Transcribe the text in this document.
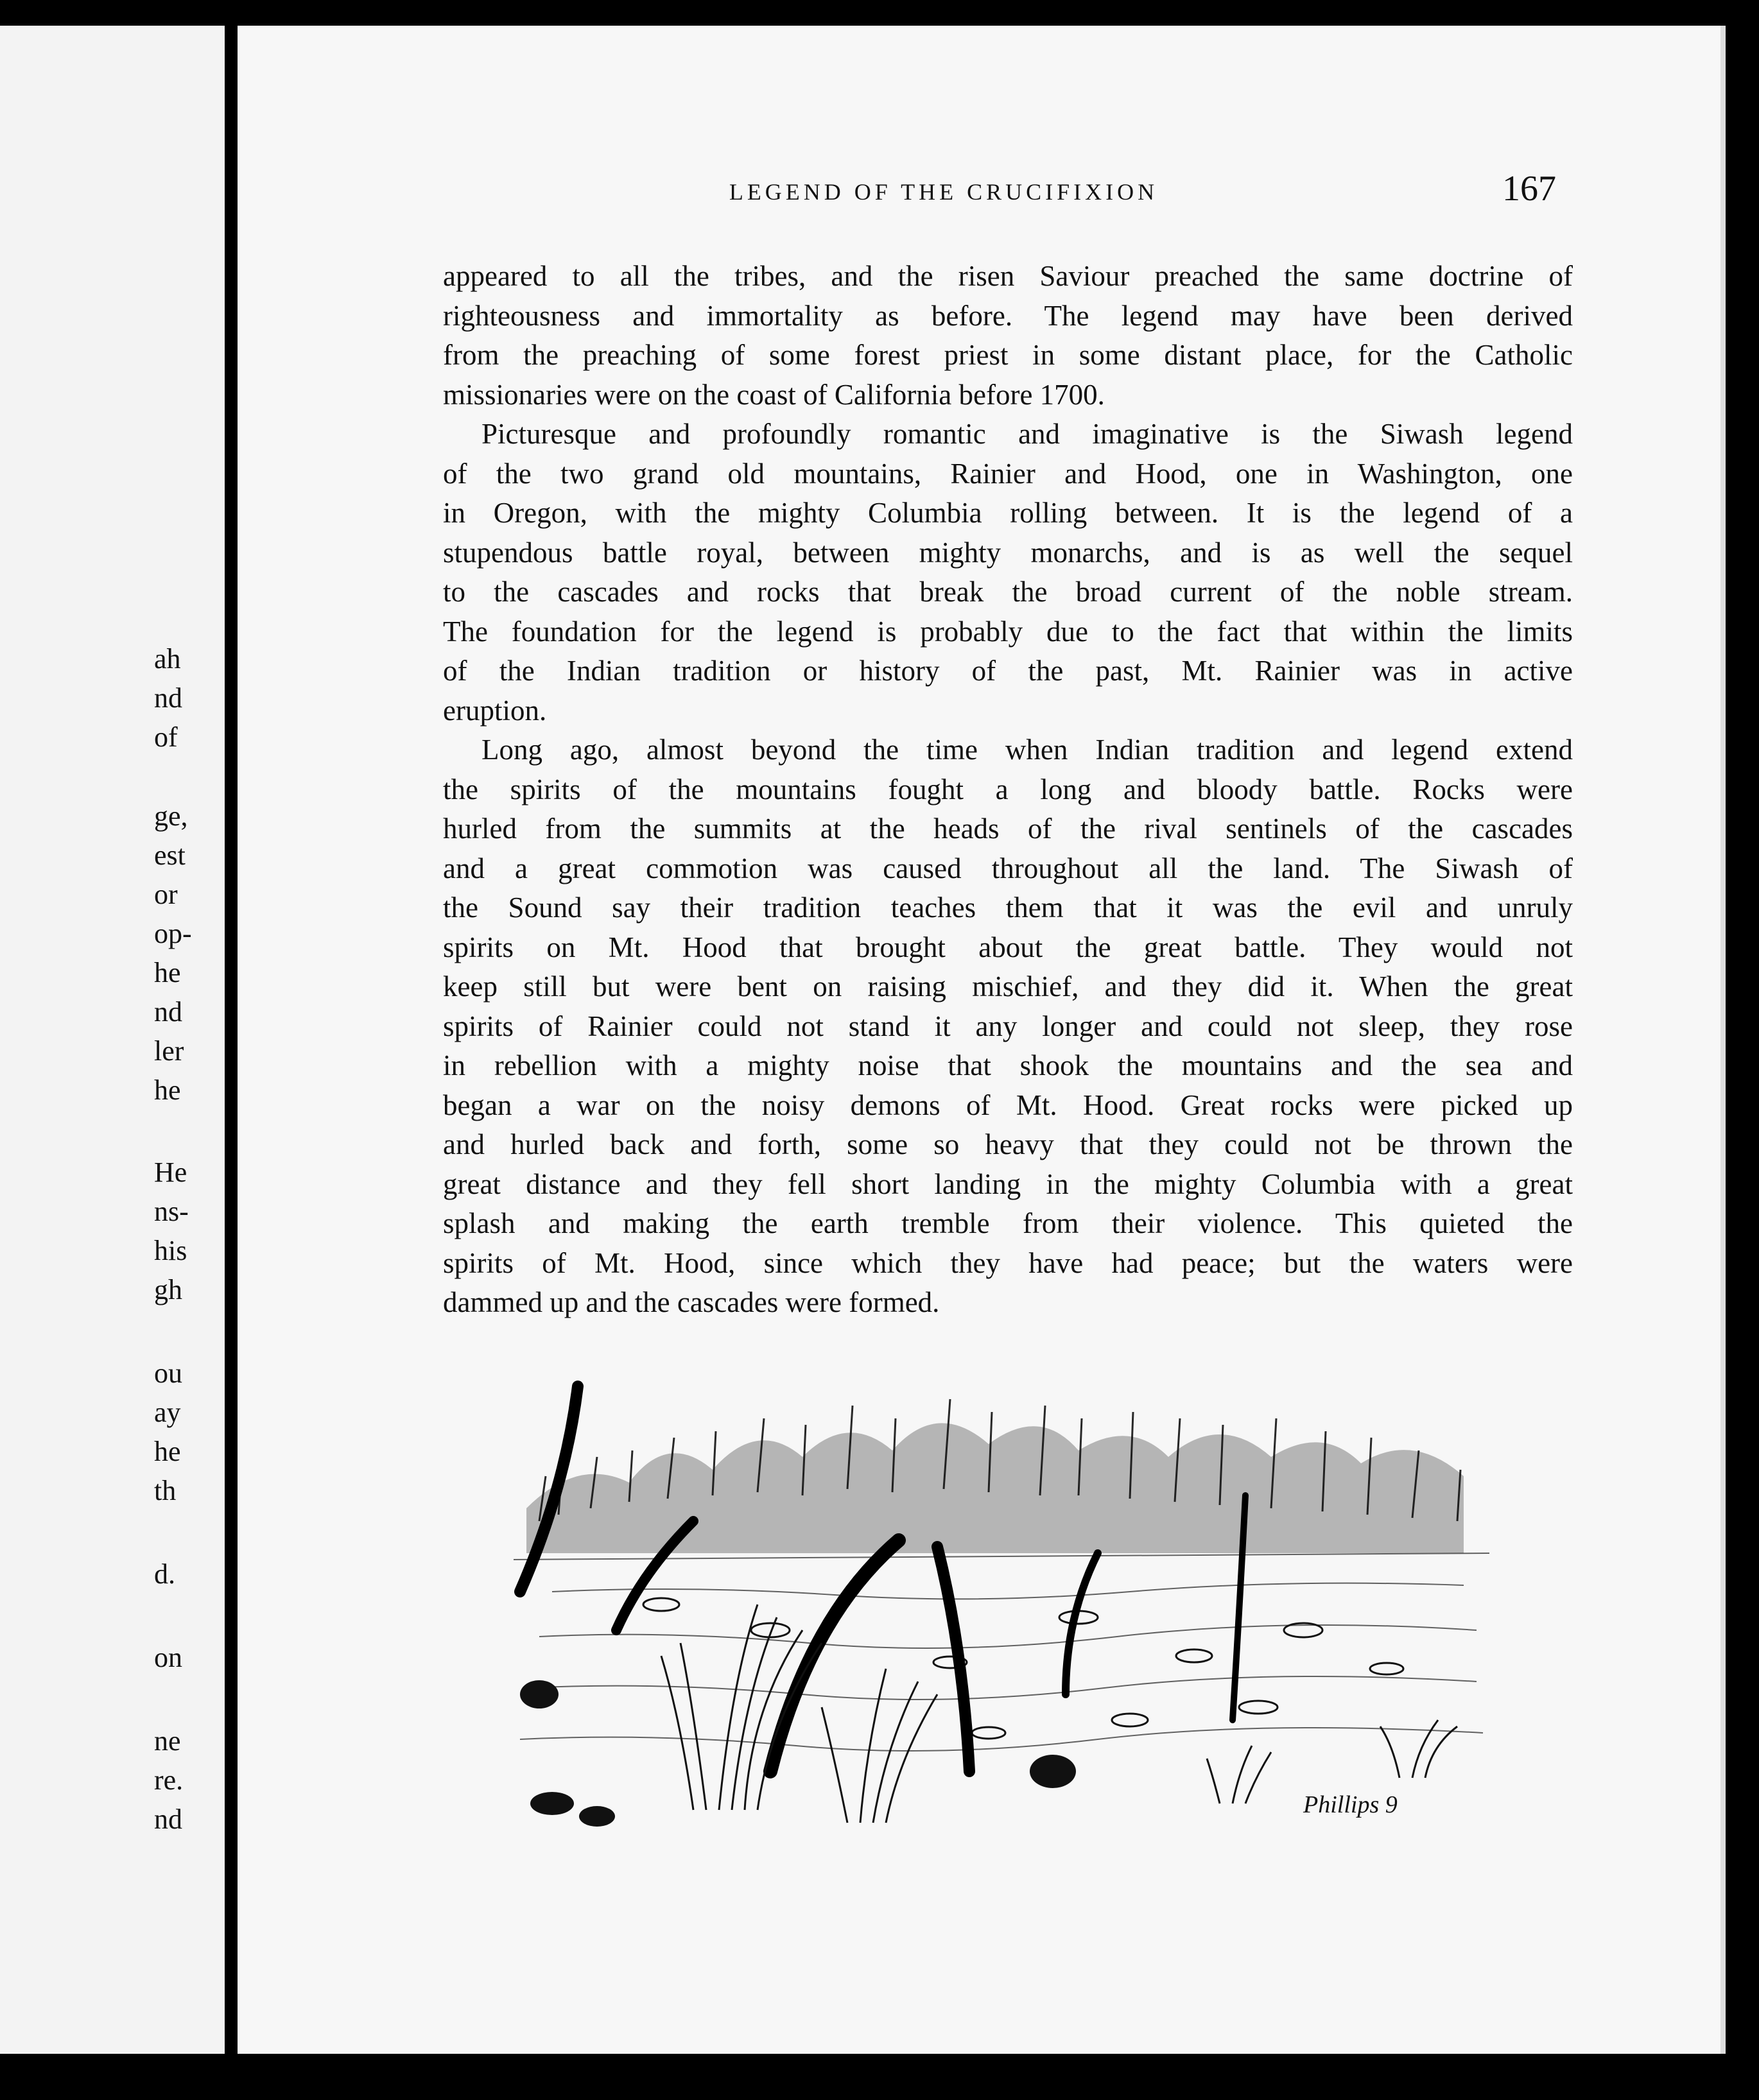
ah
nd
of
ge,
est
or
op-
he
nd
ler
he
He
ns-
his
gh
ou
ay
he
th
d.
on
ne
re.
nd
LEGEND OF THE CRUCIFIXION	167
appeared to all the tribes, and the risen Saviour preached the same doctrine of
righteousness and immortality as before. The legend may have been derived
from the preaching of some forest priest in some distant place, for the Catholic
missionaries were on the coast of California before 1700.
Picturesque and profoundly romantic and imaginative is the Siwash legend
of the two grand old mountains, Rainier and Hood, one in Washington, one
in Oregon, with the mighty Columbia rolling between. It is the legend of a
stupendous battle royal, between mighty monarchs, and is as well the sequel
to the cascades and rocks that break the broad current of the noble stream.
The foundation for the legend is probably due to the fact that within the limits
of the Indian tradition or history of the past, Mt. Rainier was in active
eruption.
Long ago, almost beyond the time when Indian tradition and legend extend
the spirits of the mountains fought a long and bloody battle. Rocks were
hurled from the summits at the heads of the rival sentinels of the cascades
and a great commotion was caused throughout all the land. The Siwash of
the Sound say their tradition teaches them that it was the evil and unruly
spirits on Mt. Hood that brought about the great battle. They would not
keep still but were bent on raising mischief, and they did it. When the great
spirits of Rainier could not stand it any longer and could not sleep, they rose
in rebellion with a mighty noise that shook the mountains and the sea and
began a war on the noisy demons of Mt. Hood. Great rocks were picked up
and hurled back and forth, some so heavy that they could not be thrown the
great distance and they fell short landing in the mighty Columbia with a great
splash and making the earth tremble from their violence. This quieted the
spirits of Mt. Hood, since which they have had peace; but the waters were
dammed up and the cascades were formed.
Phillips 9
